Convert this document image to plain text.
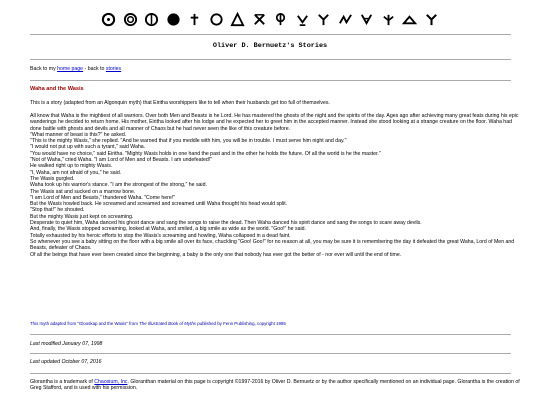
Oliver D. Bernuetz's Stories
Back to my home page - back to stories
Waha and the Wasis
This is a story (adapted from an Algonquin myth) that Eiritha worshippers like to tell when their husbands get too full of themselves.

All know that Waha is the mightiest of all warriors. Over both Men and Beasts is he Lord. He has mastered the ghosts of the night and the spirits of the day. Ages ago after achieving many great feats during his epic wanderings he decided to return home. His mother, Eiritha looked after his lodge and he expected her to greet him in the accepted manner. Instead she stood looking at a strange creature on the floor. Waha had done battle with ghosts and devils and all manner of Chaos but he had never seen the like of this creature before.

"What manner of beast is this?" he asked.

"This is the mighty Wasis," she replied. "And be warned that if you meddle with him, you will be in trouble. I must serve him night and day."

"I would not put up with such a tyrant," said Waha.

"You would have no choice," said Eiritha. "Mighty Wasis holds in one hand the past and in the other he holds the future. Of all the world is he the master."

"Not of Waha," cried Waha. "I am Lord of Men and of Beasts. I am undefeated!"

He walked right up to mighty Wasis.

"I, Waha, am not afraid of you," he said.

The Wasis gurgled.

Waha took up his warrior's stance. "I am the strongest of the strong," he said.

The Wasis sat and sucked on a marrow bone.

"I am Lord of Men and Beasts," thundered Waha. "Come here!"

But the Wasis howled back. He screamed and screamed and screamed until Waha thought his head would split.

"Stop that!" he shouted.

But the mighty Wasis just kept on screaming.

Desperate to quiet him, Waha danced his ghost dance and sang the songs to raise the dead. Then Waha danced his spirit dance and sang the songs to scare away devils.

And, finally, the Wasis stopped screaming, looked at Waha, and smiled, a big smile as wide as the world. "Goo!" he said.

Totally exhausted by his heroic efforts to stop the Wasis's screaming and howling, Waha collapsed in a dead faint.

So whenever you see a baby sitting on the floor with a big smile all over its face, chuckling "Goo! Goo!" for no reason at all, you may be sure it is remembering the day it defeated the great Waha, Lord of Men and Beasts, defeater of Chaos.

Of all the beings that have ever been created since the beginning, a baby is the only one that nobody has ever got the better of - nor ever will until the end of time.

This myth adapted from "Glooskap and the Wasis" from The Illustrated Book of Myths published by Fenn Publishing, copyright 1995
Last modified January 07, 1998
Last updated October 07, 2016
Glorantha is a trademark of Chaosium, Inc. Gloranthan material on this page is copyright ©1997-2016 by Oliver D. Bernuetz or by the author specifically mentioned on an individual page. Glorantha is the creation of Greg Stafford, and is used with his permission.
